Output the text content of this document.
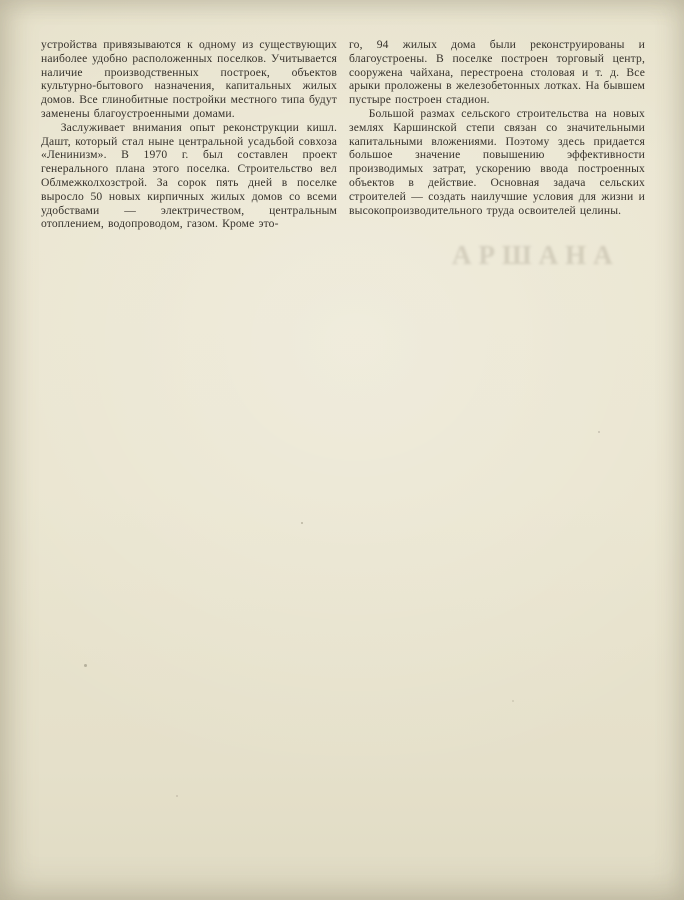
устройства привязываются к одному из существующих наиболее удобно расположенных поселков. Учитывается наличие производственных построек, объектов культурно-бытового назначения, капитальных жилых домов. Все глинобитные постройки местного типа будут заменены благоустроенными домами.

Заслуживает внимания опыт реконструкции кишл. Дашт, который стал ныне центральной усадьбой совхоза «Ленинизм». В 1970 г. был составлен проект генерального плана этого поселка. Строительство вел Облмежколхозстрой. За сорок пять дней в поселке выросло 50 новых кирпичных жилых домов со всеми удобствами — электричеством, центральным отоплением, водопроводом, газом. Кроме это-

го, 94 жилых дома были реконструированы и благоустроены. В поселке построен торговый центр, сооружена чайхана, перестроена столовая и т. д. Все арыки проложены в железобетонных лотках. На бывшем пустыре построен стадион.

Большой размах сельского строительства на новых землях Каршинской степи связан со значительными капитальными вложениями. Поэтому здесь придается большое значение повышению эффективности производимых затрат, ускорению ввода построенных объектов в действие. Основная задача сельских строителей — создать наилучшие условия для жизни и высокопроизводительного труда освоителей целины.

АРШАНА
